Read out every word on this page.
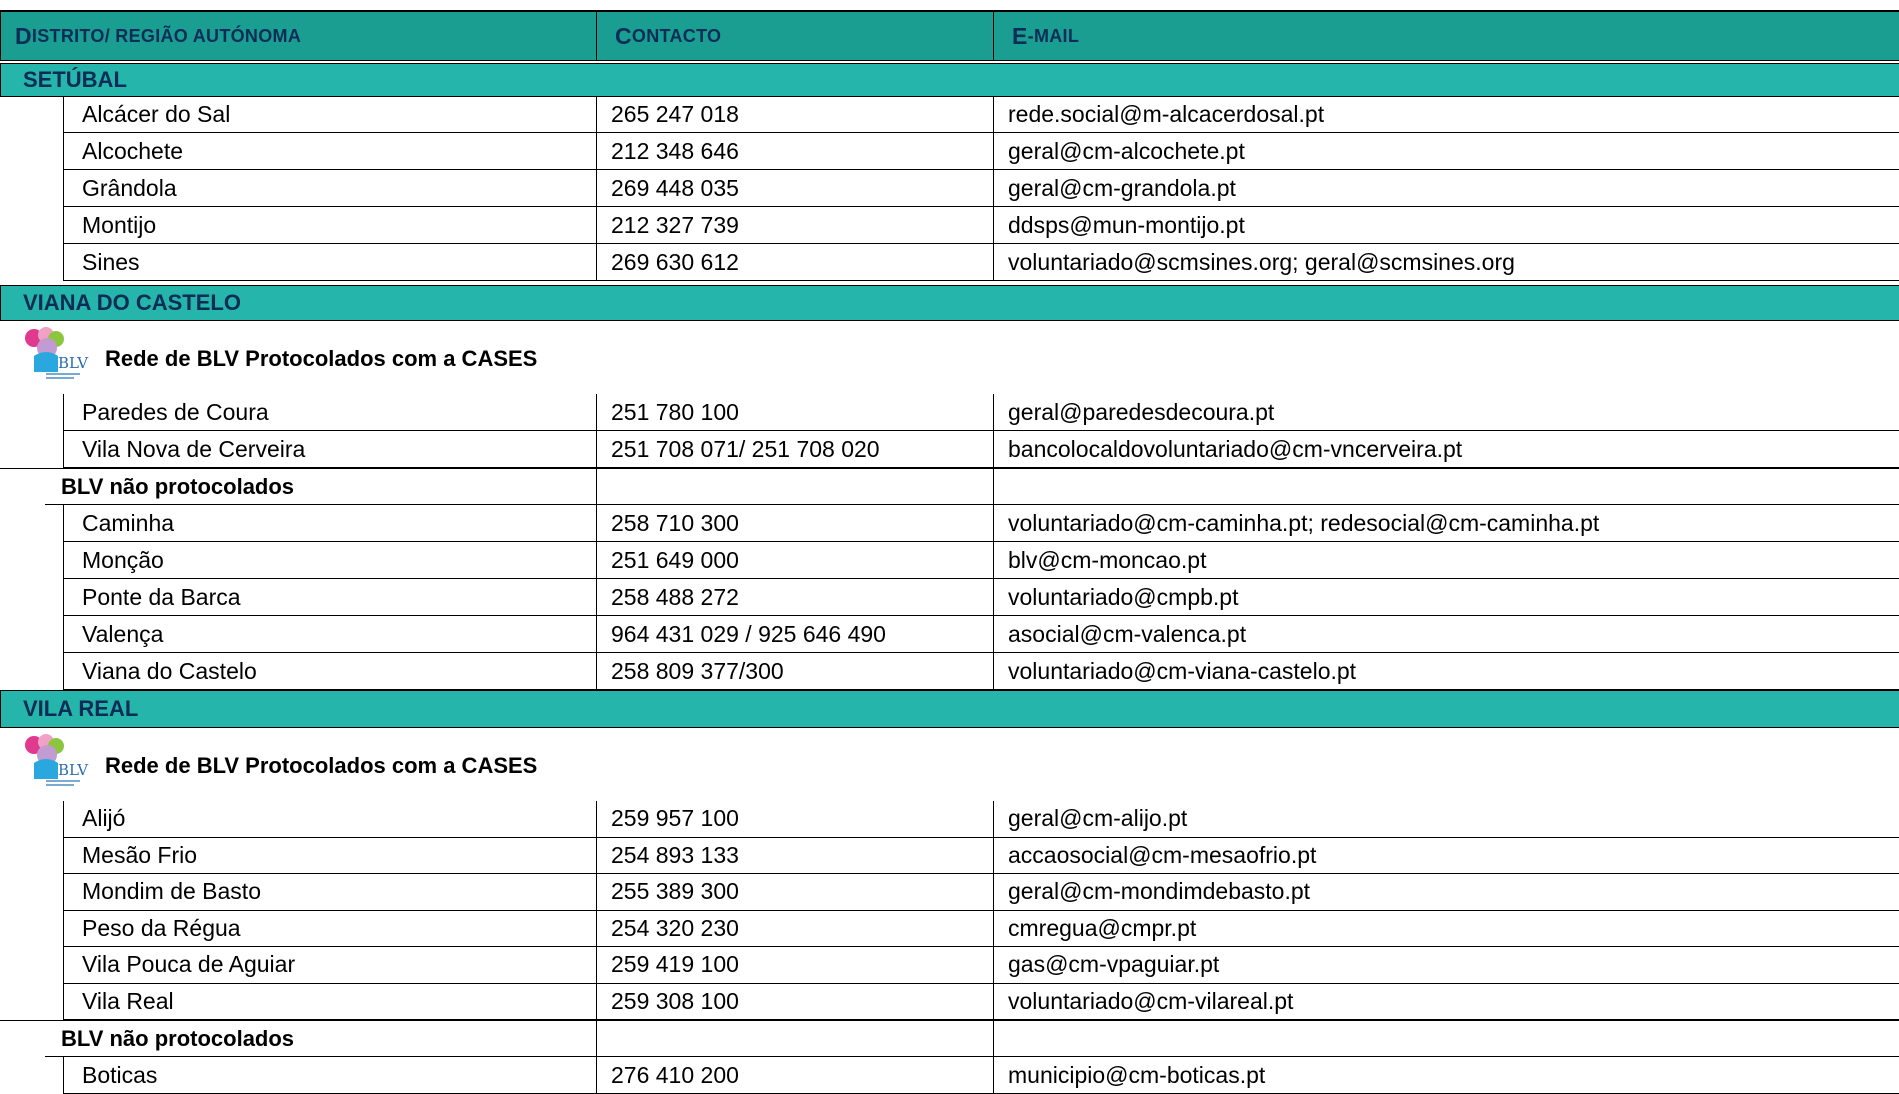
D ISTRITO/ REGIÃO AUTÓNOMA	C ONTACTO	E -MAIL
SETÚBAL
Alcácer do Sal	265 247 018	rede.social@m-alcacerdosal.pt
Alcochete	212 348 646	geral@cm-alcochete.pt
Grândola	269 448 035	geral@cm-grandola.pt
Montijo	212 327 739	ddsps@mun-montijo.pt
Sines	269 630 612	voluntariado@scmsines.org; geral@scmsines.org
VIANA DO CASTELO
BLV Rede de BLV Protocolados com a CASES
Paredes de Coura	251 780 100	geral@paredesdecoura.pt
Vila Nova de Cerveira	251 708 071/ 251 708 020	bancolocaldovoluntariado@cm-vncerveira.pt
BLV não protocolados
Caminha	258 710 300	voluntariado@cm-caminha.pt; redesocial@cm-caminha.pt
Monção	251 649 000	blv@cm-moncao.pt
Ponte da Barca	258 488 272	voluntariado@cmpb.pt
Valença	964 431 029 / 925 646 490	asocial@cm-valenca.pt
Viana do Castelo	258 809 377/300	voluntariado@cm-viana-castelo.pt
VILA REAL
BLV Rede de BLV Protocolados com a CASES
Alijó	259 957 100	geral@cm-alijo.pt
Mesão Frio	254 893 133	accaosocial@cm-mesaofrio.pt
Mondim de Basto	255 389 300	geral@cm-mondimdebasto.pt
Peso da Régua	254 320 230	cmregua@cmpr.pt
Vila Pouca de Aguiar	259 419 100	gas@cm-vpaguiar.pt
Vila Real	259 308 100	voluntariado@cm-vilareal.pt
BLV não protocolados
Boticas	276 410 200	municipio@cm-boticas.pt
